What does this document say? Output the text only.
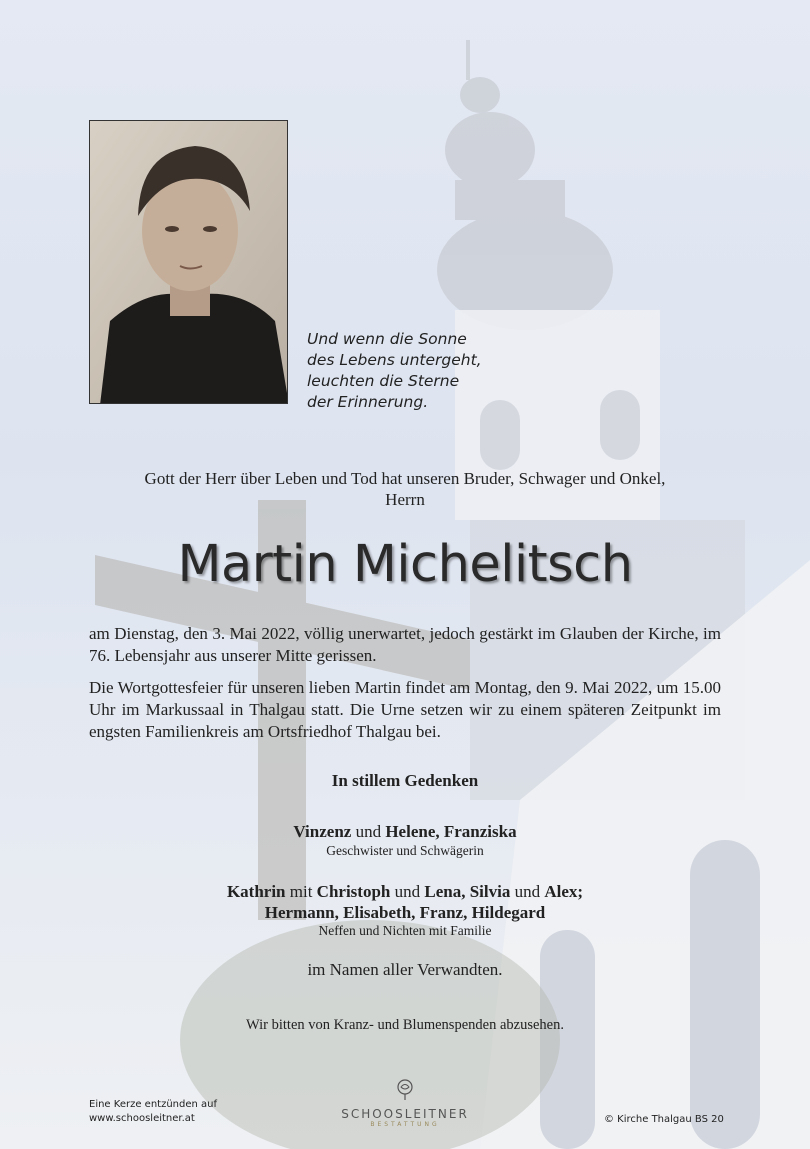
Und wenn die Sonne
des Lebens untergeht,
leuchten die Sterne
der Erinnerung.
Gott der Herr über Leben und Tod hat unseren Bruder, Schwager und Onkel,
Herrn
Martin Michelitsch
am Dienstag, den 3. Mai 2022, völlig unerwartet, jedoch gestärkt im Glauben der Kirche, im 76. Lebensjahr aus unserer Mitte gerissen.
Die Wortgottesfeier für unseren lieben Martin findet am Montag, den 9. Mai 2022, um 15.00 Uhr im Markussaal in Thalgau statt. Die Urne setzen wir zu einem späteren Zeitpunkt im engsten Familienkreis am Ortsfriedhof Thalgau bei.
In stillem Gedenken
Vinzenz und Helene, Franziska
Geschwister und Schwägerin
Kathrin mit Christoph und Lena, Silvia und Alex;
Hermann, Elisabeth, Franz, Hildegard
Neffen und Nichten mit Familie
im Namen aller Verwandten.
Wir bitten von Kranz- und Blumenspenden abzusehen.
Eine Kerze entzünden auf
www.schoosleitner.at	SCHOOSLEITNER
BESTATTUNG	© Kirche Thalgau BS 20
